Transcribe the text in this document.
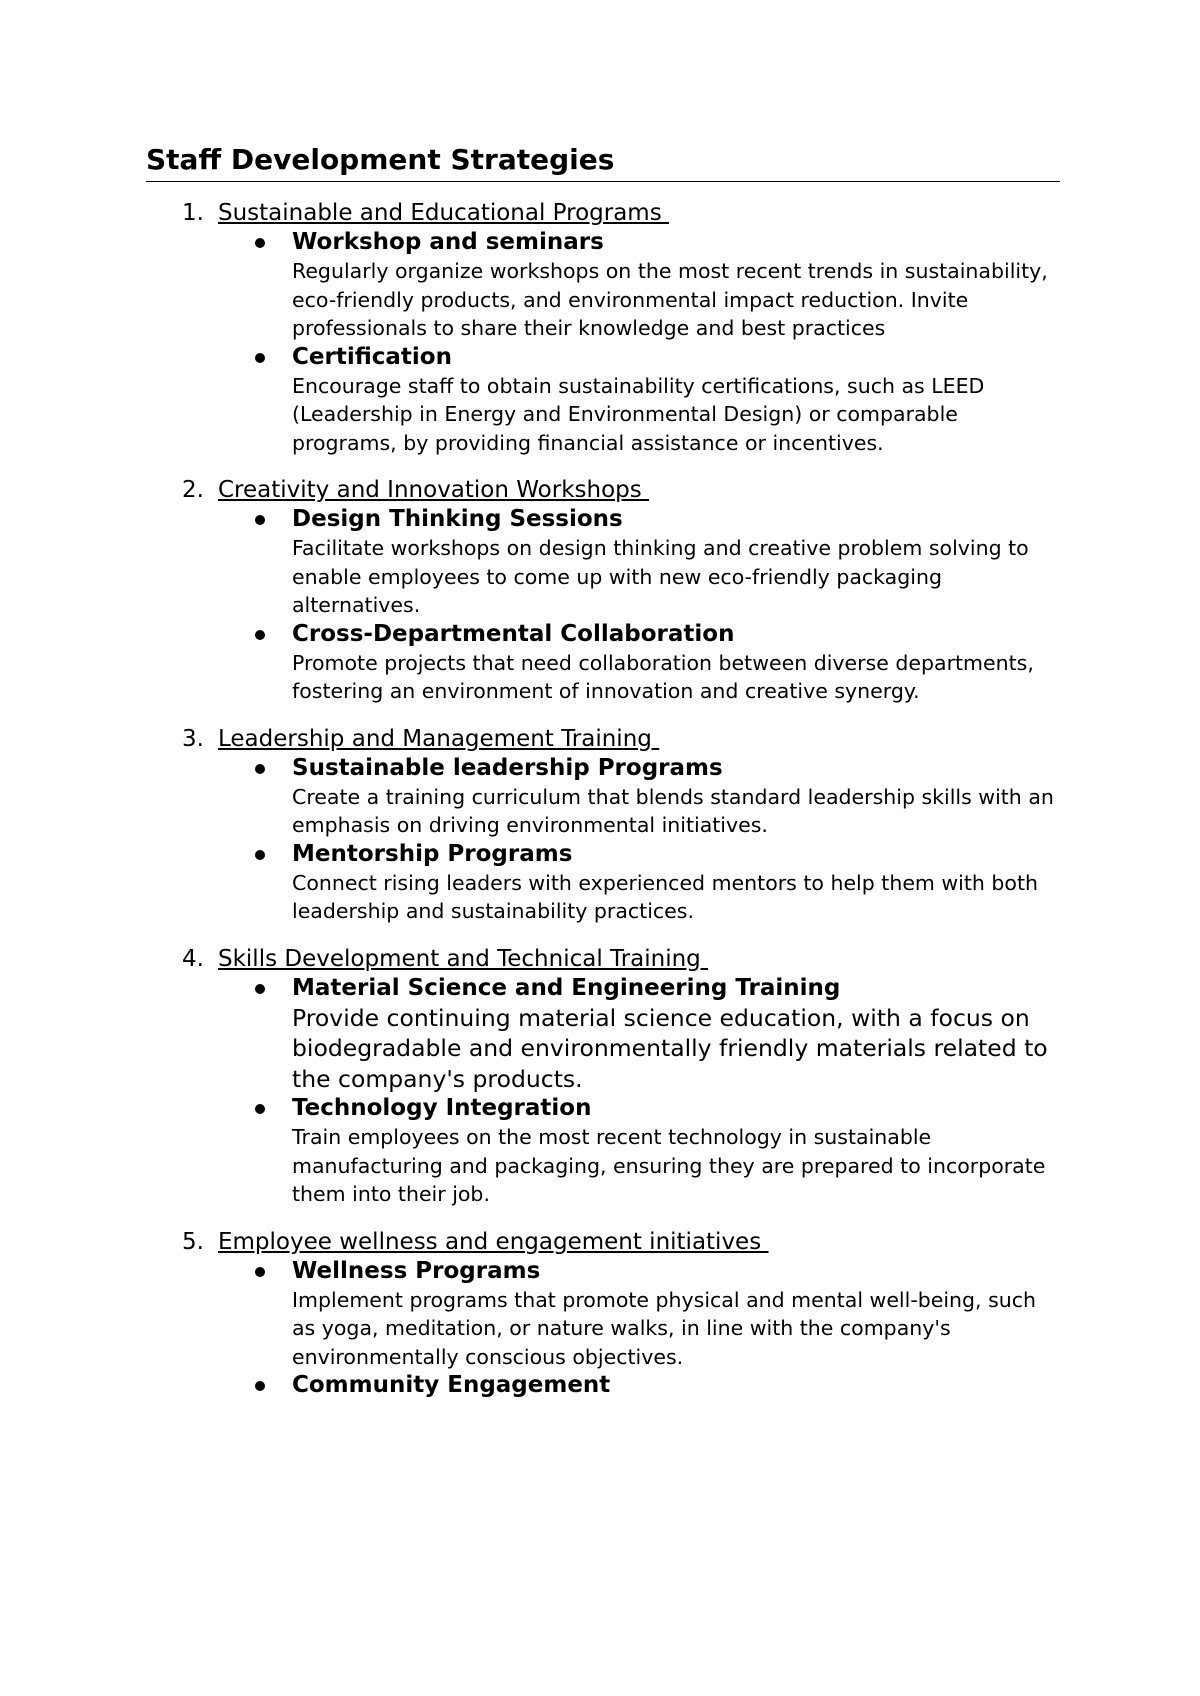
Staff Development Strategies
1. Sustainable and Educational Programs
Workshop and seminars
Regularly organize workshops on the most recent trends in sustainability, eco-friendly products, and environmental impact reduction. Invite professionals to share their knowledge and best practices
Certification
Encourage staff to obtain sustainability certifications, such as LEED (Leadership in Energy and Environmental Design) or comparable programs, by providing financial assistance or incentives.
2. Creativity and Innovation Workshops
Design Thinking Sessions
Facilitate workshops on design thinking and creative problem solving to enable employees to come up with new eco-friendly packaging alternatives.
Cross-Departmental Collaboration
Promote projects that need collaboration between diverse departments, fostering an environment of innovation and creative synergy.
3. Leadership and Management Training
Sustainable leadership Programs
Create a training curriculum that blends standard leadership skills with an emphasis on driving environmental initiatives.
Mentorship Programs
Connect rising leaders with experienced mentors to help them with both leadership and sustainability practices.
4. Skills Development and Technical Training
Material Science and Engineering Training
Provide continuing material science education, with a focus on biodegradable and environmentally friendly materials related to the company's products.
Technology Integration
Train employees on the most recent technology in sustainable manufacturing and packaging, ensuring they are prepared to incorporate them into their job.
5. Employee wellness and engagement initiatives
Wellness Programs
Implement programs that promote physical and mental well-being, such as yoga, meditation, or nature walks, in line with the company's environmentally conscious objectives.
Community Engagement
